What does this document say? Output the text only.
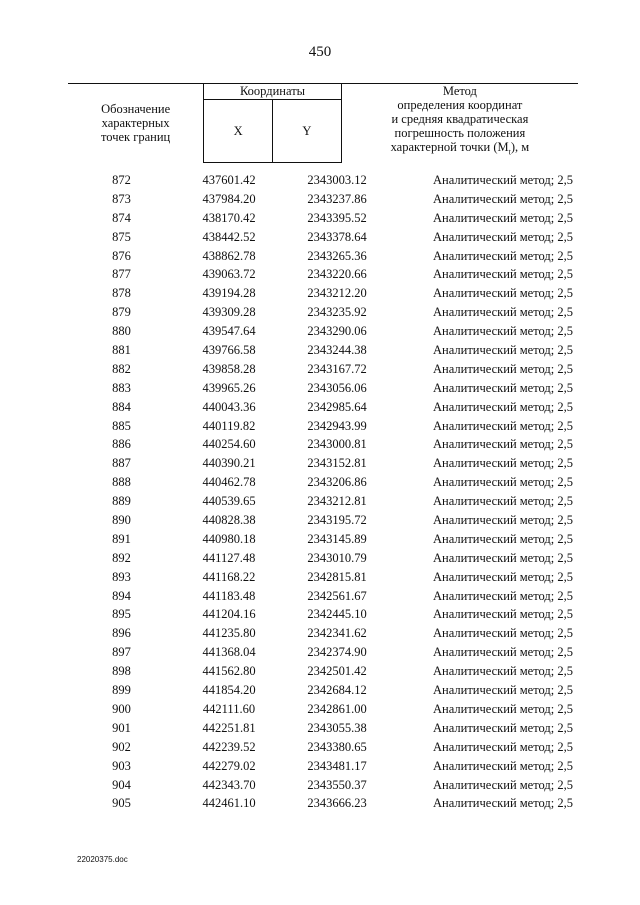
450
Обозначение
характерных
точек границ	Координаты		Метод
определения координат
и средняя квадратическая
погрешность положения
характерной точки $(M_t)$, м
	X	Y	
872	437601.42	2343003.12	Аналитический метод; 2,5
873	437984.20	2343237.86	Аналитический метод; 2,5
874	438170.42	2343395.52	Аналитический метод; 2,5
875	438442.52	2343378.64	Аналитический метод; 2,5
876	438862.78	2343265.36	Аналитический метод; 2,5
877	439063.72	2343220.66	Аналитический метод; 2,5
878	439194.28	2343212.20	Аналитический метод; 2,5
879	439309.28	2343235.92	Аналитический метод; 2,5
880	439547.64	2343290.06	Аналитический метод; 2,5
881	439766.58	2343244.38	Аналитический метод; 2,5
882	439858.28	2343167.72	Аналитический метод; 2,5
883	439965.26	2343056.06	Аналитический метод; 2,5
884	440043.36	2342985.64	Аналитический метод; 2,5
885	440119.82	2342943.99	Аналитический метод; 2,5
886	440254.60	2343000.81	Аналитический метод; 2,5
887	440390.21	2343152.81	Аналитический метод; 2,5
888	440462.78	2343206.86	Аналитический метод; 2,5
889	440539.65	2343212.81	Аналитический метод; 2,5
890	440828.38	2343195.72	Аналитический метод; 2,5
891	440980.18	2343145.89	Аналитический метод; 2,5
892	441127.48	2343010.79	Аналитический метод; 2,5
893	441168.22	2342815.81	Аналитический метод; 2,5
894	441183.48	2342561.67	Аналитический метод; 2,5
895	441204.16	2342445.10	Аналитический метод; 2,5
896	441235.80	2342341.62	Аналитический метод; 2,5
897	441368.04	2342374.90	Аналитический метод; 2,5
898	441562.80	2342501.42	Аналитический метод; 2,5
899	441854.20	2342684.12	Аналитический метод; 2,5
900	442111.60	2342861.00	Аналитический метод; 2,5
901	442251.81	2343055.38	Аналитический метод; 2,5
902	442239.52	2343380.65	Аналитический метод; 2,5
903	442279.02	2343481.17	Аналитический метод; 2,5
904	442343.70	2343550.37	Аналитический метод; 2,5
905	442461.10	2343666.23	Аналитический метод; 2,5
22020375.doc
